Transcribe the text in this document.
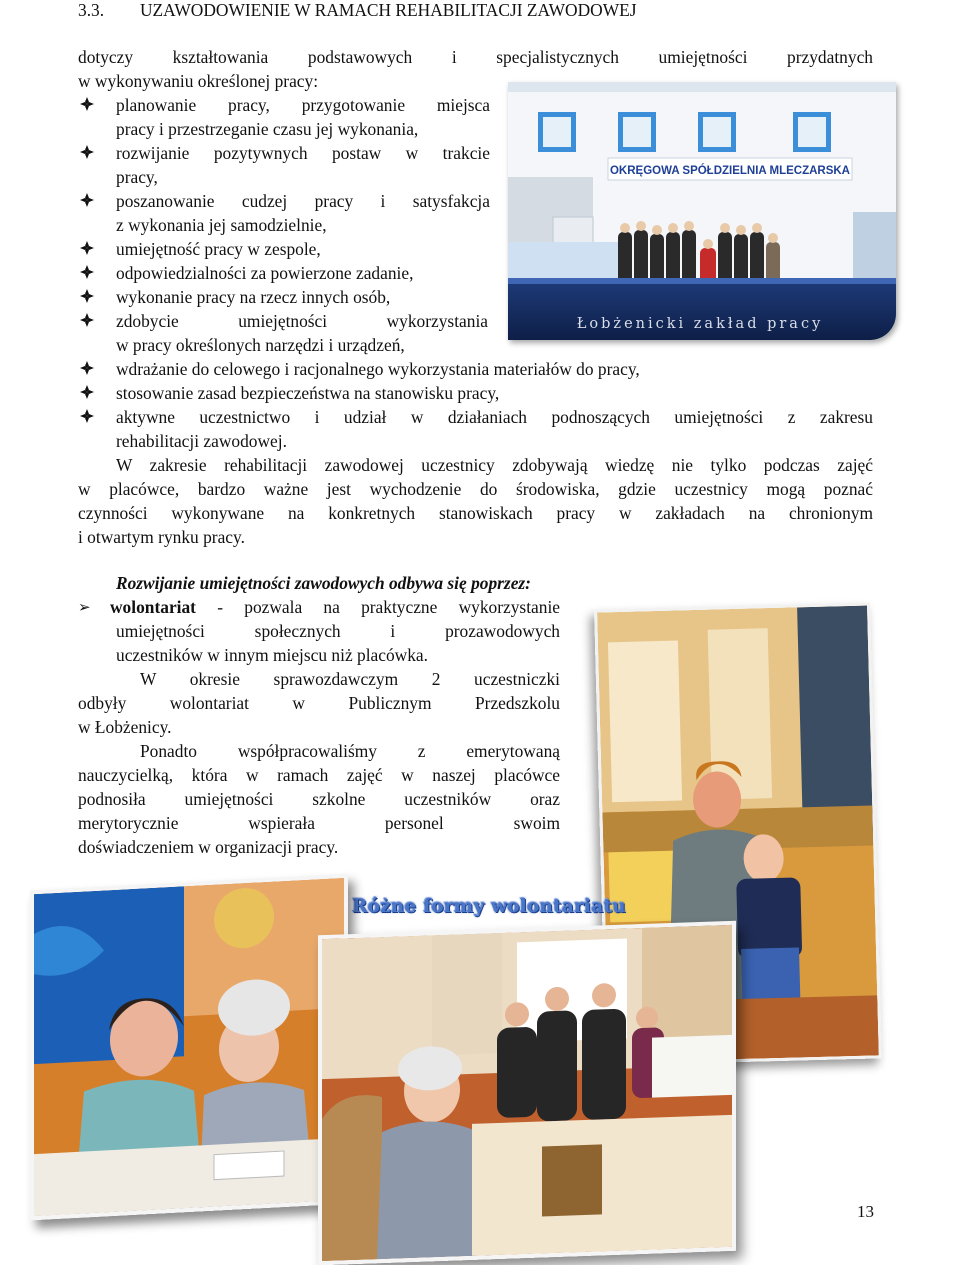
3.3. UZAWODOWIENIE W RAMACH REHABILITACJI ZAWODOWEJ
dotyczy kształtowania podstawowych i specjalistycznych umiejętności przydatnych
w wykonywaniu określonej pracy:
OKRĘGOWA SPÓŁDZIELNIA MLECZARSKA
Łobżenicki zakład pracy
planowanie pracy, przygotowanie miejsca
pracy i przestrzeganie czasu jej wykonania,
rozwijanie pozytywnych postaw w trakcie
pracy,
poszanowanie cudzej pracy i satysfakcja
z wykonania jej samodzielnie,
umiejętność pracy w zespole,
odpowiedzialności za powierzone zadanie,
wykonanie pracy na rzecz innych osób,
zdobycie umiejętności wykorzystania
w pracy określonych narzędzi i urządzeń,
wdrażanie do celowego i racjonalnego wykorzystania materiałów do pracy,
stosowanie zasad bezpieczeństwa na stanowisku pracy,
aktywne uczestnictwo i udział w działaniach podnoszących umiejętności z zakresu
rehabilitacji zawodowej.
W zakresie rehabilitacji zawodowej uczestnicy zdobywają wiedzę nie tylko podczas zajęć
w placówce, bardzo ważne jest wychodzenie do środowiska, gdzie uczestnicy mogą poznać
czynności wykonywane na konkretnych stanowiskach pracy w zakładach na chronionym
i otwartym rynku pracy.
Rozwijanie umiejętności zawodowych odbywa się poprzez:
➢ wolontariat - pozwala na praktyczne wykorzystanie
umiejętności społecznych i prozawodowych
uczestników w innym miejscu niż placówka.
W okresie sprawozdawczym 2 uczestniczki
odbyły wolontariat w Publicznym Przedszkolu
w Łobżenicy.
Ponadto współpracowaliśmy z emerytowaną
nauczycielką, która w ramach zajęć w naszej placówce
podnosiła umiejętności szkolne uczestników oraz
merytorycznie wspierała personel swoim
doświadczeniem w organizacji pracy.
Różne formy wolontariatu
13
